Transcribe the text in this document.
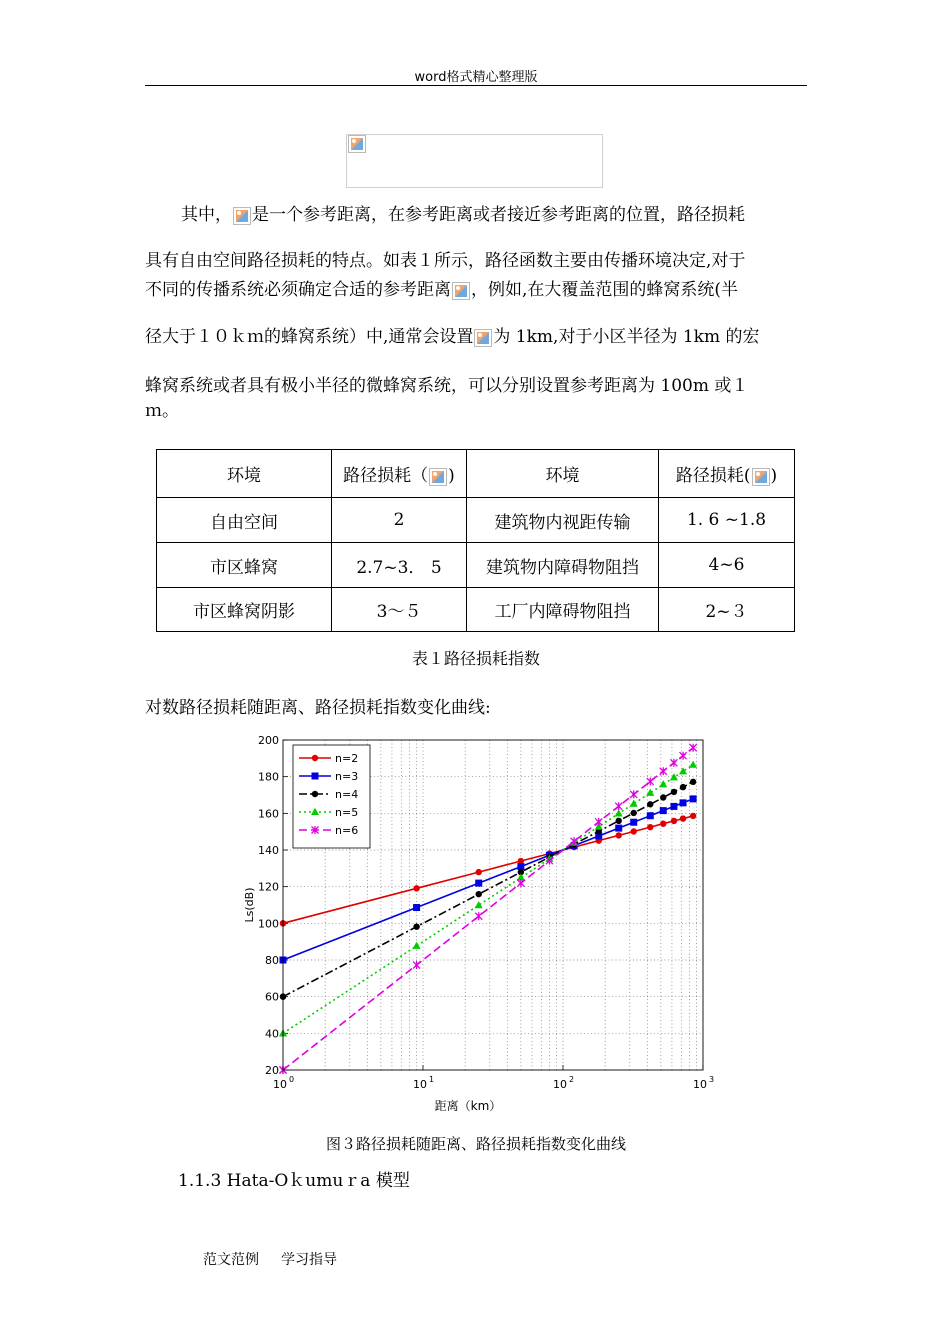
word格式精心整理版
其中， 是一个参考距离，在参考距离或者接近参考距离的位置，路径损耗
具有自由空间路径损耗的特点。如表１所示，路径函数主要由传播环境决定,对于
不同的传播系统必须确定合适的参考距离 ，例如,在大覆盖范围的蜂窝系统(半
径大于１０ｋｍ的蜂窝系统）中,通常会设置 为 1km,对于小区半径为 1km 的宏
蜂窝系统或者具有极小半径的微蜂窝系统，可以分别设置参考距离为 100m 或１
ｍ。
环境	路径损耗（ )	环境	路径损耗( )
自由空间	2	建筑物内视距传输	1. 6 ~1.8
市区蜂窝	2.7~3． 5	建筑物内障碍物阻挡	4~6
市区蜂窝阴影	3～５	工厂内障碍物阻挡	2~３
表１路径损耗指数
对数路径损耗随距离、路径损耗指数变化曲线:
20
40
60
80
100
120
140
160
180
200
10 0	10 1	10 2	10 3
n=2
n=3
n=4
n=5
n=6
距离（km）
Ls(dB)
图３路径损耗随距离、路径损耗指数变化曲线
1.1.3 Hata-Oｋumuｒa 模型
范文范例 学习指导
